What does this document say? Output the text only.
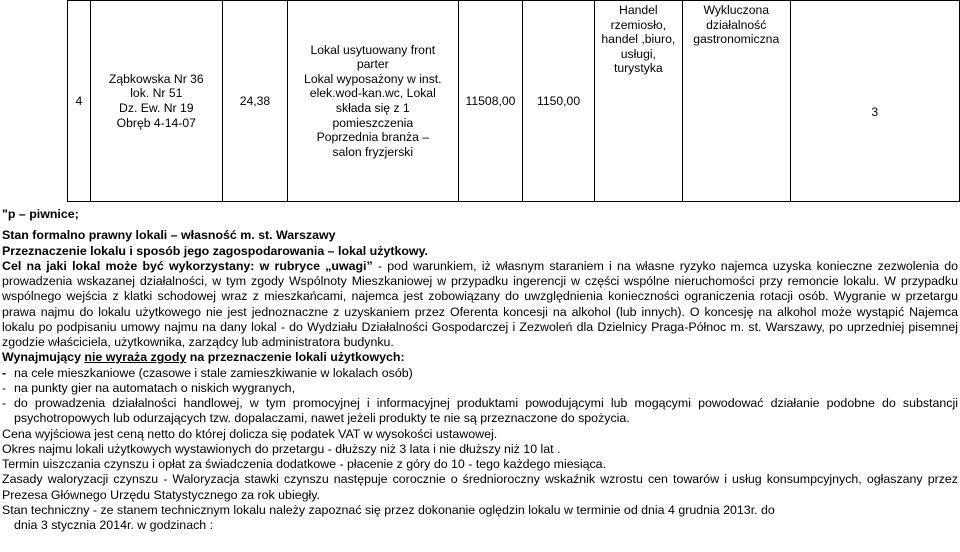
4	Ząbkowska Nr 36
lok. Nr 51
Dz. Ew. Nr 19
Obręb 4-14-07	24,38	Lokal usytuowany front
parter
Lokal wyposażony w inst.
elek.wod-kan.wc, Lokal
składa się z 1
pomieszczenia
Poprzednia branża –
salon fryzjerski	11508,00	1150,00	Handel
rzemiosło,
handel ,biuro,
usługi,
turystyka	Wykluczona
działalność
gastronomiczna	3

"p – piwnice;

Stan formalno prawny lokali – własność m. st. Warszawy

Przeznaczenie lokalu i sposób jego zagospodarowania – lokal użytkowy.

Cel na jaki lokal może być wykorzystany: w rubryce „uwagi” - pod warunkiem, iż własnym staraniem i na własne ryzyko najemca uzyska konieczne zezwolenia do prowadzenia wskazanej działalności, w tym zgody Wspólnoty Mieszkaniowej w przypadku ingerencji w części wspólne nieruchomości przy remoncie lokalu. W przypadku wspólnego wejścia z klatki schodowej wraz z mieszkańcami, najemca jest zobowiązany do uwzględnienia konieczności ograniczenia rotacji osób. Wygranie w przetargu prawa najmu do lokalu użytkowego nie jest jednoznaczne z uzyskaniem przez Oferenta koncesji na alkohol (lub innych). O koncesję na alkohol może wystąpić Najemca lokalu po podpisaniu umowy najmu na dany lokal - do Wydziału Działalności Gospodarczej i Zezwoleń dla Dzielnicy Praga-Północ m. st. Warszawy, po uprzedniej pisemnej zgodzie właściciela, użytkownika, zarządcy lub administratora budynku.

Wynajmujący nie wyraża zgody na przeznaczenie lokali użytkowych:

- na cele mieszkaniowe (czasowe i stale zamieszkiwanie w lokalach osób)
- na punkty gier na automatach o niskich wygranych,
- do prowadzenia działalności handlowej, w tym promocyjnej i informacyjnej produktami powodującymi lub mogącymi powodować działanie podobne do substancji psychotropowych lub odurzających tzw. dopalaczami, nawet jeżeli produkty te nie są przeznaczone do spożycia.

Cena wyjściowa jest ceną netto do której dolicza się podatek VAT w wysokości ustawowej.

Okres najmu lokali użytkowych wystawionych do przetargu - dłuższy niż 3 lata i nie dłuższy niż 10 lat .

Termin uiszczania czynszu i opłat za świadczenia dodatkowe - płacenie z góry do 10 - tego każdego miesiąca.

Zasady waloryzacji czynszu - Waloryzacja stawki czynszu następuje corocznie o średnioroczny wskaźnik wzrostu cen towarów i usług konsumpcyjnych, ogłaszany przez Prezesa Głównego Urzędu Statystycznego za rok ubiegły.

Stan techniczny - ze stanem technicznym lokalu należy zapoznać się przez dokonanie oględzin lokalu w terminie od dnia 4 grudnia 2013r. do

dnia 3 stycznia 2014r. w godzinach :
